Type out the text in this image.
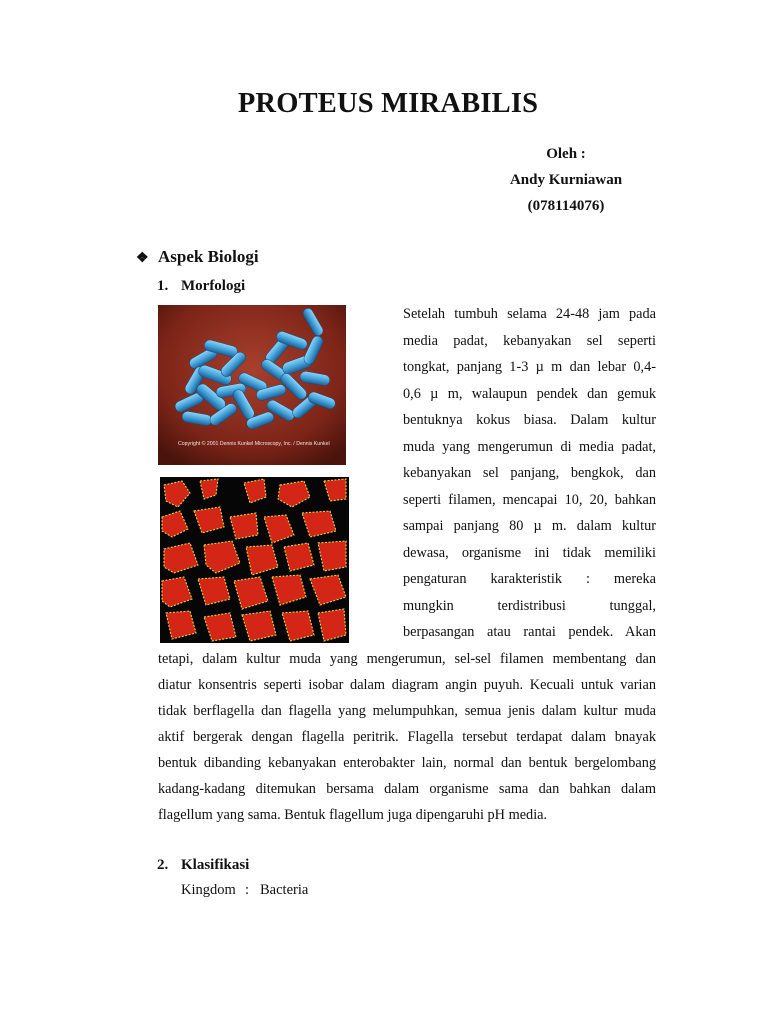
PROTEUS MIRABILIS
Oleh :
Andy Kurniawan
(078114076)
❖ Aspek Biologi
1. Morfologi
Copyright © 2001 Dennis Kunkel Microscopy, Inc. / Dennis Kunkel
Setelah tumbuh selama 24-48 jam pada
media padat, kebanyakan sel seperti
tongkat, panjang 1-3 µ m dan lebar 0,4-
0,6 µ m, walaupun pendek dan gemuk
bentuknya kokus biasa. Dalam kultur
muda yang mengerumun di media padat,
kebanyakan sel panjang, bengkok, dan
seperti filamen, mencapai 10, 20, bahkan
sampai panjang 80 µ m. dalam kultur
dewasa, organisme ini tidak memiliki
pengaturan karakteristik : mereka
mungkin terdistribusi tunggal,
berpasangan atau rantai pendek. Akan
tetapi, dalam kultur muda yang mengerumun, sel-sel filamen membentang dan
diatur konsentris seperti isobar dalam diagram angin puyuh. Kecuali untuk varian
tidak berflagella dan flagella yang melumpuhkan, semua jenis dalam kultur muda
aktif bergerak dengan flagella peritrik. Flagella tersebut terdapat dalam bnayak
bentuk dibanding kebanyakan enterobakter lain, normal dan bentuk bergelombang
kadang-kadang ditemukan bersama dalam organisme sama dan bahkan dalam
flagellum yang sama. Bentuk flagellum juga dipengaruhi pH media.
2. Klasifikasi
Kingdom : Bacteria
